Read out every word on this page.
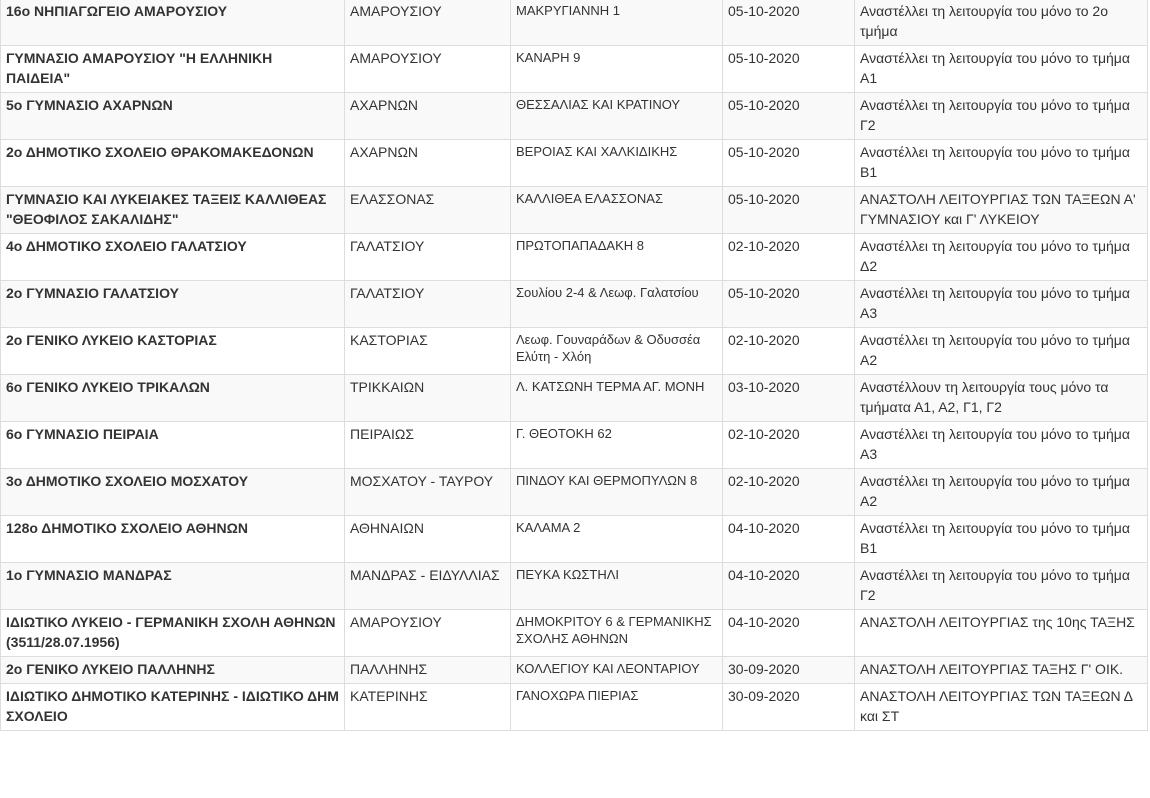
16ο ΝΗΠΙΑΓΩΓΕΙΟ ΑΜΑΡΟΥΣΙΟΥ	ΑΜΑΡΟΥΣΙΟΥ	ΜΑΚΡΥΓΙΑΝΝΗ 1	05-10-2020	Αναστέλλει τη λειτουργία του μόνο το 2ο τμήμα
ΓΥΜΝΑΣΙΟ ΑΜΑΡΟΥΣΙΟΥ "Η ΕΛΛΗΝΙΚΗ ΠΑΙΔΕΙΑ"	ΑΜΑΡΟΥΣΙΟΥ	ΚΑΝΑΡΗ 9	05-10-2020	Αναστέλλει τη λειτουργία του μόνο το τμήμα Α1
5ο ΓΥΜΝΑΣΙΟ ΑΧΑΡΝΩΝ	ΑΧΑΡΝΩΝ	ΘΕΣΣΑΛΙΑΣ ΚΑΙ ΚΡΑΤΙΝΟΥ	05-10-2020	Αναστέλλει τη λειτουργία του μόνο το τμήμα Γ2
2ο ΔΗΜΟΤΙΚΟ ΣΧΟΛΕΙΟ ΘΡΑΚΟΜΑΚΕΔΟΝΩΝ	ΑΧΑΡΝΩΝ	ΒΕΡΟΙΑΣ ΚΑΙ ΧΑΛΚΙΔΙΚΗΣ	05-10-2020	Αναστέλλει τη λειτουργία του μόνο το τμήμα Β1
ΓΥΜΝΑΣΙΟ ΚΑΙ ΛΥΚΕΙΑΚΕΣ ΤΑΞΕΙΣ ΚΑΛΛΙΘΕΑΣ "ΘΕΟΦΙΛΟΣ ΣΑΚΑΛΙΔΗΣ"	ΕΛΑΣΣΟΝΑΣ	ΚΑΛΛΙΘΕΑ ΕΛΑΣΣΟΝΑΣ	05-10-2020	ΑΝΑΣΤΟΛΗ ΛΕΙΤΟΥΡΓΙΑΣ ΤΩΝ ΤΑΞΕΩΝ Α' ΓΥΜΝΑΣΙΟΥ και Γ' ΛΥΚΕΙΟΥ
4ο ΔΗΜΟΤΙΚΟ ΣΧΟΛΕΙΟ ΓΑΛΑΤΣΙΟΥ	ΓΑΛΑΤΣΙΟΥ	ΠΡΩΤΟΠΑΠΑΔΑΚΗ 8	02-10-2020	Αναστέλλει τη λειτουργία του μόνο το τμήμα Δ2
2ο ΓΥΜΝΑΣΙΟ ΓΑΛΑΤΣΙΟΥ	ΓΑΛΑΤΣΙΟΥ	Σουλίου 2-4 & Λεωφ. Γαλατσίου	05-10-2020	Αναστέλλει τη λειτουργία του μόνο το τμήμα Α3
2ο ΓΕΝΙΚΟ ΛΥΚΕΙΟ ΚΑΣΤΟΡΙΑΣ	ΚΑΣΤΟΡΙΑΣ	Λεωφ. Γουναράδων & Οδυσσέα Ελύτη - Χλόη	02-10-2020	Αναστέλλει τη λειτουργία του μόνο το τμήμα Α2
6ο ΓΕΝΙΚΟ ΛΥΚΕΙΟ ΤΡΙΚΑΛΩΝ	ΤΡΙΚΚΑΙΩΝ	Λ. ΚΑΤΣΩΝΗ ΤΕΡΜΑ ΑΓ. ΜΟΝΗ	03-10-2020	Αναστέλλουν τη λειτουργία τους μόνο τα τμήματα Α1, Α2, Γ1, Γ2
6ο ΓΥΜΝΑΣΙΟ ΠΕΙΡΑΙΑ	ΠΕΙΡΑΙΩΣ	Γ. ΘΕΟΤΟΚΗ 62	02-10-2020	Αναστέλλει τη λειτουργία του μόνο το τμήμα Α3
3ο ΔΗΜΟΤΙΚΟ ΣΧΟΛΕΙΟ ΜΟΣΧΑΤΟΥ	ΜΟΣΧΑΤΟΥ - ΤΑΥΡΟΥ	ΠΙΝΔΟΥ ΚΑΙ ΘΕΡΜΟΠΥΛΩΝ 8	02-10-2020	Αναστέλλει τη λειτουργία του μόνο το τμήμα Α2
128ο ΔΗΜΟΤΙΚΟ ΣΧΟΛΕΙΟ ΑΘΗΝΩΝ	ΑΘΗΝΑΙΩΝ	ΚΑΛΑΜΑ 2	04-10-2020	Αναστέλλει τη λειτουργία του μόνο το τμήμα Β1
1ο ΓΥΜΝΑΣΙΟ ΜΑΝΔΡΑΣ	ΜΑΝΔΡΑΣ - ΕΙΔΥΛΛΙΑΣ	ΠΕΥΚΑ ΚΩΣΤΗΛΙ	04-10-2020	Αναστέλλει τη λειτουργία του μόνο το τμήμα Γ2
ΙΔΙΩΤΙΚΟ ΛΥΚΕΙΟ - ΓΕΡΜΑΝΙΚΗ ΣΧΟΛΗ ΑΘΗΝΩΝ (3511/28.07.1956)	ΑΜΑΡΟΥΣΙΟΥ	ΔΗΜΟΚΡΙΤΟΥ 6 & ΓΕΡΜΑΝΙΚΗΣ ΣΧΟΛΗΣ ΑΘΗΝΩΝ	04-10-2020	ΑΝΑΣΤΟΛΗ ΛΕΙΤΟΥΡΓΙΑΣ της 10ης ΤΑΞΗΣ
2ο ΓΕΝΙΚΟ ΛΥΚΕΙΟ ΠΑΛΛΗΝΗΣ	ΠΑΛΛΗΝΗΣ	ΚΟΛΛΕΓΙΟΥ ΚΑΙ ΛΕΟΝΤΑΡΙΟΥ	30-09-2020	ΑΝΑΣΤΟΛΗ ΛΕΙΤΟΥΡΓΙΑΣ ΤΑΞΗΣ Γ' ΟΙΚ.
ΙΔΙΩΤΙΚΟ ΔΗΜΟΤΙΚΟ ΚΑΤΕΡΙΝΗΣ - ΙΔΙΩΤΙΚΟ ΔΗΜ ΣΧΟΛΕΙΟ	ΚΑΤΕΡΙΝΗΣ	ΓΑΝΟΧΩΡΑ ΠΙΕΡΙΑΣ	30-09-2020	ΑΝΑΣΤΟΛΗ ΛΕΙΤΟΥΡΓΙΑΣ ΤΩΝ ΤΑΞΕΩΝ Δ και ΣΤ
